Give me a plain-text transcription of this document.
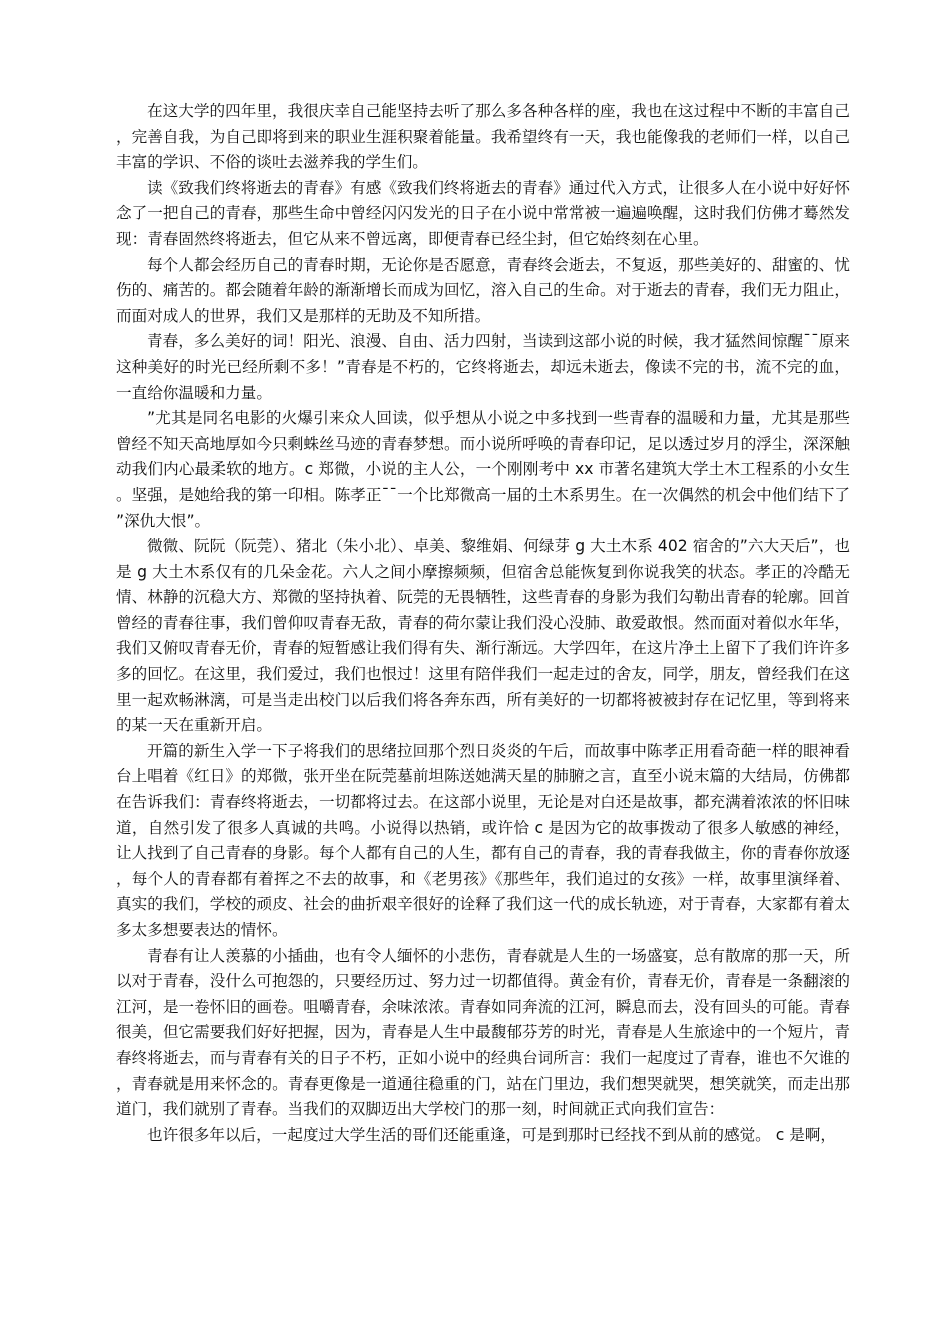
在这大学的四年里，我很庆幸自己能坚持去听了那么多各种各样的座，我也在这过程中不断的丰富自己，完善自我，为自己即将到来的职业生涯积聚着能量。我希望终有一天，我也能像我的老师们一样，以自己丰富的学识、不俗的谈吐去滋养我的学生们。

读《致我们终将逝去的青春》有感《致我们终将逝去的青春》通过代入方式，让很多人在小说中好好怀念了一把自己的青春，那些生命中曾经闪闪发光的日子在小说中常常被一遍遍唤醒，这时我们仿佛才蓦然发现：青春固然终将逝去，但它从来不曾远离，即便青春已经尘封，但它始终刻在心里。

每个人都会经历自己的青春时期，无论你是否愿意，青春终会逝去，不复返，那些美好的、甜蜜的、忧伤的、痛苦的。都会随着年龄的渐渐增长而成为回忆，溶入自己的生命。对于逝去的青春，我们无力阻止，而面对成人的世界，我们又是那样的无助及不知所措。

青春，多么美好的词！阳光、浪漫、自由、活力四射，当读到这部小说的时候，我才猛然间惊醒¯¯原来这种美好的时光已经所剩不多！”青春是不朽的，它终将逝去，却远未逝去，像读不完的书，流不完的血，一直给你温暖和力量。

”尤其是同名电影的火爆引来众人回读，似乎想从小说之中多找到一些青春的温暖和力量，尤其是那些曾经不知天高地厚如今只剩蛛丝马迹的青春梦想。而小说所呼唤的青春印记，足以透过岁月的浮尘，深深触动我们内心最柔软的地方。c 郑微，小说的主人公，一个刚刚考中 xx 市著名建筑大学土木工程系的小女生。坚强，是她给我的第一印相。陈孝正¯¯一个比郑微高一届的土木系男生。在一次偶然的机会中他们结下了”深仇大恨”。

微微、阮阮（阮莞）、猪北（朱小北）、卓美、黎维娟、何绿芽 g 大土木系 402 宿舍的”六大天后”，也是 g 大土木系仅有的几朵金花。六人之间小摩擦频频，但宿舍总能恢复到你说我笑的状态。孝正的冷酷无情、林静的沉稳大方、郑微的坚持执着、阮莞的无畏牺牲，这些青春的身影为我们勾勒出青春的轮廓。回首曾经的青春往事，我们曾仰叹青春无敌，青春的荷尔蒙让我们没心没肺、敢爱敢恨。然而面对着似水年华，我们又俯叹青春无价，青春的短暂感让我们得有失、渐行渐远。大学四年，在这片净土上留下了我们许许多多的回忆。在这里，我们爱过，我们也恨过！这里有陪伴我们一起走过的舍友，同学，朋友，曾经我们在这里一起欢畅淋漓，可是当走出校门以后我们将各奔东西，所有美好的一切都将被被封存在记忆里，等到将来的某一天在重新开启。

开篇的新生入学一下子将我们的思绪拉回那个烈日炎炎的午后，而故事中陈孝正用看奇葩一样的眼神看台上唱着《红日》的郑微，张开坐在阮莞墓前坦陈送她满天星的肺腑之言，直至小说末篇的大结局，仿佛都在告诉我们：青春终将逝去，一切都将过去。在这部小说里，无论是对白还是故事，都充满着浓浓的怀旧味道，自然引发了很多人真诚的共鸣。小说得以热销，或许恰 c 是因为它的故事拨动了很多人敏感的神经，让人找到了自己青春的身影。每个人都有自己的人生，都有自己的青春，我的青春我做主，你的青春你放逐，每个人的青春都有着挥之不去的故事，和《老男孩》《那些年，我们追过的女孩》一样，故事里演绎着、真实的我们，学校的顽皮、社会的曲折艰辛很好的诠释了我们这一代的成长轨迹，对于青春，大家都有着太多太多想要表达的情怀。

青春有让人羡慕的小插曲，也有令人缅怀的小悲伤，青春就是人生的一场盛宴，总有散席的那一天，所以对于青春，没什么可抱怨的，只要经历过、努力过一切都值得。黄金有价，青春无价，青春是一条翻滚的江河，是一卷怀旧的画卷。咀嚼青春，余味浓浓。青春如同奔流的江河，瞬息而去，没有回头的可能。青春很美，但它需要我们好好把握，因为，青春是人生中最馥郁芬芳的时光，青春是人生旅途中的一个短片，青春终将逝去，而与青春有关的日子不朽，正如小说中的经典台词所言：我们一起度过了青春，谁也不欠谁的，青春就是用来怀念的。青春更像是一道通往稳重的门，站在门里边，我们想哭就哭，想笑就笑，而走出那道门，我们就别了青春。当我们的双脚迈出大学校门的那一刻，时间就正式向我们宣告：

也许很多年以后，一起度过大学生活的哥们还能重逢，可是到那时已经找不到从前的感觉。 c 是啊，
